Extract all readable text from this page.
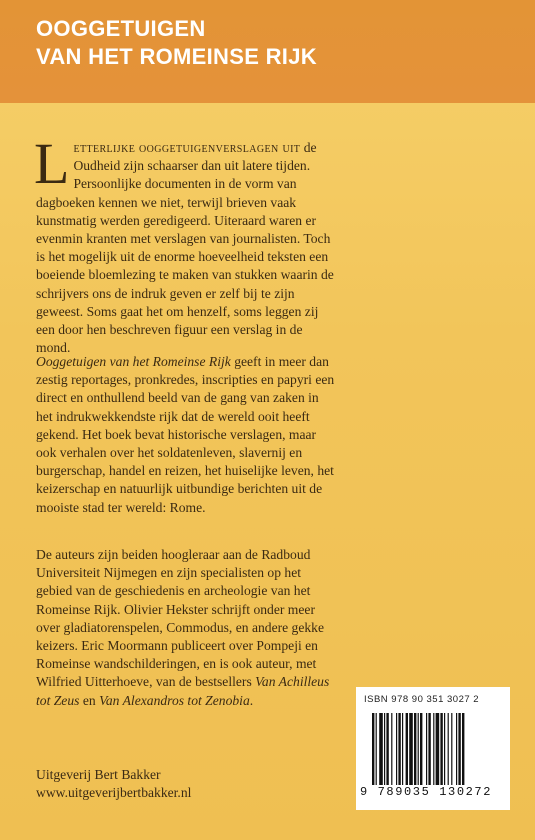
OOGGETUIGEN
VAN HET ROMEINSE RIJK
Letterlijke ooggetuigenverslagen uit de Oudheid zijn schaarser dan uit latere tijden. Persoonlijke documenten in de vorm van dagboeken kennen we niet, terwijl brieven vaak kunstmatig werden geredigeerd. Uiteraard waren er evenmin kranten met verslagen van journalisten. Toch is het mogelijk uit de enorme hoeveelheid teksten een boeiende bloemlezing te maken van stukken waarin de schrijvers ons de indruk geven er zelf bij te zijn geweest. Soms gaat het om henzelf, soms leggen zij een door hen beschreven figuur een verslag in de mond.
Ooggetuigen van het Romeinse Rijk geeft in meer dan zestig reportages, pronkredes, inscripties en papyri een direct en onthullend beeld van de gang van zaken in het indrukwekkendste rijk dat de wereld ooit heeft gekend. Het boek bevat historische verslagen, maar ook verhalen over het soldatenleven, slavernij en burgerschap, handel en reizen, het huiselijke leven, het keizerschap en natuurlijk uitbundige berichten uit de mooiste stad ter wereld: Rome.
De auteurs zijn beiden hoogleraar aan de Radboud Universiteit Nijmegen en zijn specialisten op het gebied van de geschiedenis en archeologie van het Romeinse Rijk. Olivier Hekster schrijft onder meer over gladiatorenspelen, Commodus, en andere gekke keizers. Eric Moormann publiceert over Pompeji en Romeinse wandschilderingen, en is ook auteur, met Wilfried Uitterhoeve, van de bestsellers Van Achilleus tot Zeus en Van Alexandros tot Zenobia.
Uitgeverij Bert Bakker
www.uitgeverijbertbakker.nl
ISBN 978 90 351 3027 2
9 789035 130272
